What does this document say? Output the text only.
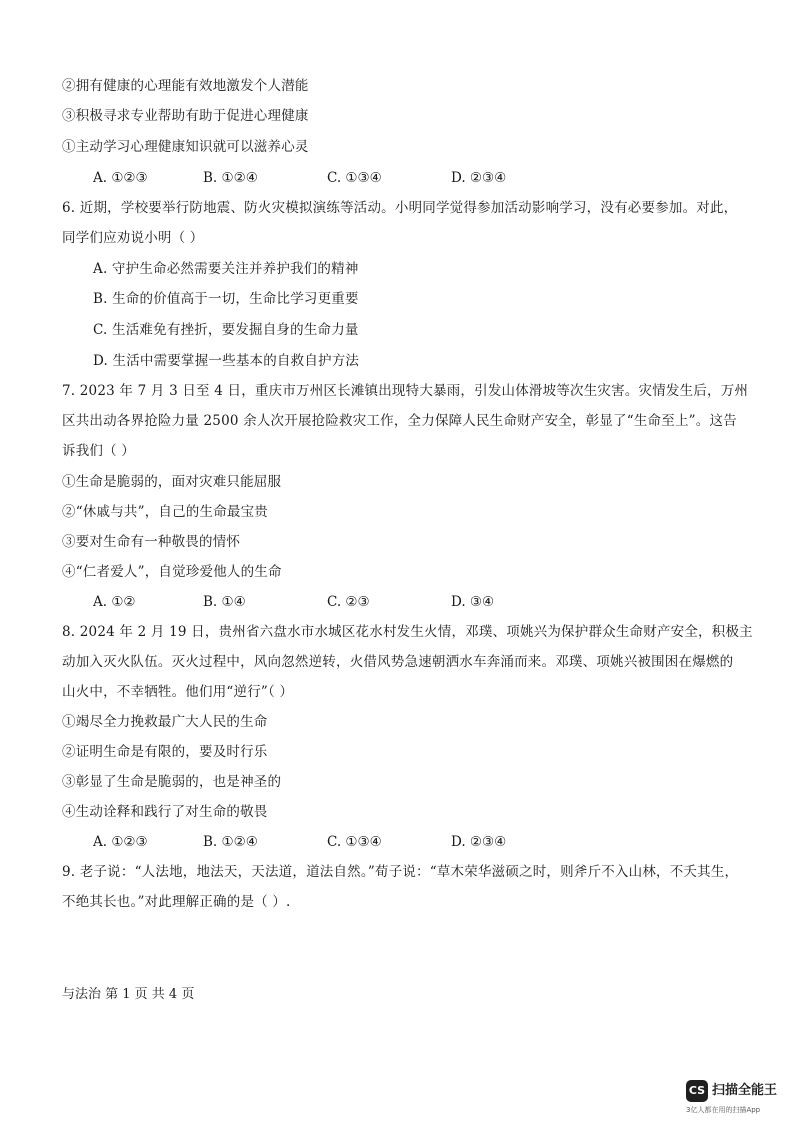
②拥有健康的心理能有效地激发个人潜能
③积极寻求专业帮助有助于促进心理健康
①主动学习心理健康知识就可以滋养心灵
A. ①②③	B. ①②④	C. ①③④	D. ②③④
6. 近期，学校要举行防地震、防火灾模拟演练等活动。小明同学觉得参加活动影响学习，没有必要参加。对此，
同学们应劝说小明（ ）
A. 守护生命必然需要关注并养护我们的精神
B. 生命的价值高于一切，生命比学习更重要
C. 生活难免有挫折，要发掘自身的生命力量
D. 生活中需要掌握一些基本的自救自护方法
7. 2023 年 7 月 3 日至 4 日，重庆市万州区长滩镇出现特大暴雨，引发山体滑坡等次生灾害。灾情发生后，万州
区共出动各界抢险力量 2500 余人次开展抢险救灾工作，全力保障人民生命财产安全，彰显了“生命至上”。这告
诉我们（ ）
①生命是脆弱的，面对灾难只能屈服
②“休戚与共”，自己的生命最宝贵
③要对生命有一种敬畏的情怀
④“仁者爱人”，自觉珍爱他人的生命
A. ①②	B. ①④	C. ②③	D. ③④
8. 2024 年 2 月 19 日，贵州省六盘水市水城区花水村发生火情，邓璞、项姚兴为保护群众生命财产安全，积极主
动加入灭火队伍。灭火过程中，风向忽然逆转，火借风势急速朝洒水车奔涌而来。邓璞、项姚兴被围困在爆燃的
山火中，不幸牺牲。他们用“逆行”（ ）
①竭尽全力挽救最广大人民的生命
②证明生命是有限的，要及时行乐
③彰显了生命是脆弱的，也是神圣的
④生动诠释和践行了对生命的敬畏
A. ①②③	B. ①②④	C. ①③④	D. ②③④
9. 老子说：“人法地，地法天，天法道，道法自然。”荀子说：“草木荣华滋硕之时，则斧斤不入山林，不夭其生，
不绝其长也。”对此理解正确的是（ ）.
与法治 第 1 页 共 4 页
CS 扫描全能王
3亿人都在用的扫描App
